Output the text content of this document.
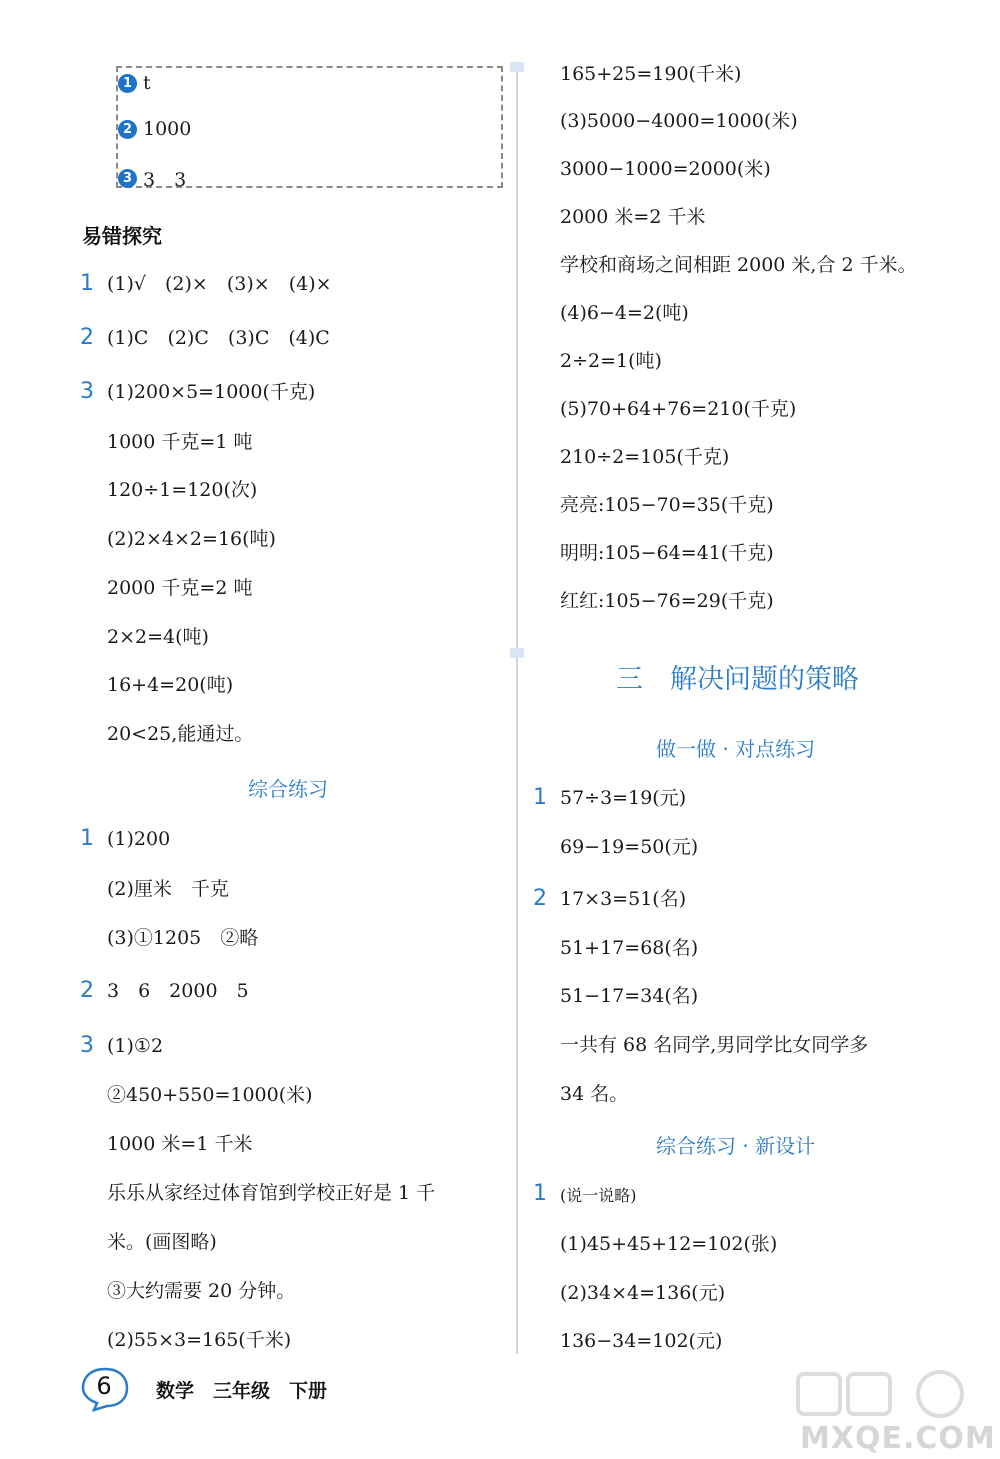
1 t
2 1000
3 3　3
易错探究
1 (1)√　(2)×　(3)×　(4)×
2 (1)C　(2)C　(3)C　(4)C
3 (1)200×5=1000(千克)
1000 千克=1 吨
120÷1=120(次)
(2)2×4×2=16(吨)
2000 千克=2 吨
2×2=4(吨)
16+4=20(吨)
20<25,能通过。
综合练习
1 (1)200
(2)厘米　千克
(3)①1205　②略
2 3　6　2000　5
3 (1)①2
②450+550=1000(米)
1000 米=1 千米
乐乐从家经过体育馆到学校正好是 1 千
米。(画图略)
③大约需要 20 分钟。
(2)55×3=165(千米)
165+25=190(千米)
(3)5000−4000=1000(米)
3000−1000=2000(米)
2000 米=2 千米
学校和商场之间相距 2000 米,合 2 千米。
(4)6−4=2(吨)
2÷2=1(吨)
(5)70+64+76=210(千克)
210÷2=105(千克)
亮亮:105−70=35(千克)
明明:105−64=41(千克)
红红:105−76=29(千克)
三　解决问题的策略
做一做 · 对点练习
1 57÷3=19(元)
69−19=50(元)
2 17×3=51(名)
51+17=68(名)
51−17=34(名)
一共有 68 名同学,男同学比女同学多
34 名。
综合练习 · 新设计
1 (说一说略)
(1)45+45+12=102(张)
(2)34×4=136(元)
136−34=102(元)
6	数学　三年级　下册
MXQE.COM
